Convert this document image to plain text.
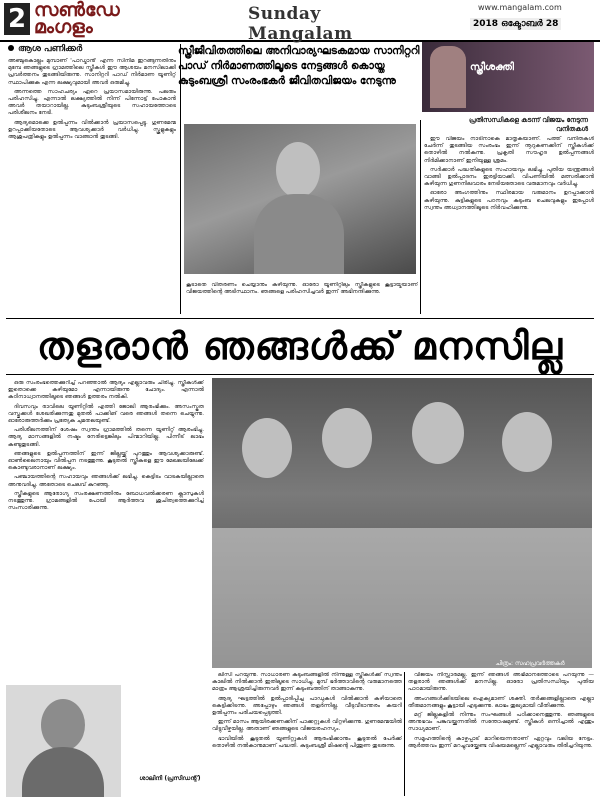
2 സൺഡേ
മംഗളം
Sunday Mangalam
www.mangalam.com
2018 ഒക്ടോബർ 28
ആശ പണിക്കർ

അഞ്ചുകൊല്ലം മുമ്പാണ് 'പാഡ്മാൻ' എന്ന സിനിമ ഇറങ്ങുന്നതിനും മുമ്പേ ഞങ്ങളുടെ ഗ്രാമത്തിലെ സ്ത്രീകൾ ഈ ആശയം മനസിലാക്കി പ്രവർത്തനം തുടങ്ങിയിരുന്നു. സാനിറ്ററി പാഡ് നിർമാണ യൂണിറ്റ് സ്ഥാപിക്കുക എന്ന ലക്ഷ്യവുമായി അവർ ഒരുമിച്ചു.

അന്നത്തെ സാഹചര്യം ഏറെ പ്രയാസമായിരുന്നു. പലരും പരിഹസിച്ചു. എന്നാൽ ലക്ഷ്യത്തിൽ നിന്ന് പിന്നോട്ട് പോകാൻ അവർ തയാറായില്ല. കുടുംബശ്രീയുടെ സഹായത്തോടെ പരിശീലനം നേടി.

ആദ്യമൊക്കെ ഉൽപ്പന്നം വിൽക്കാൻ പ്രയാസപ്പെട്ടു. ഗുണമേന്മ ഉറപ്പാക്കിയതോടെ ആവശ്യക്കാർ വർധിച്ചു. സ്കൂളുകളും ആശുപത്രികളും ഉൽപ്പന്നം വാങ്ങാൻ തുടങ്ങി.

സ്ത്രീജീവിതത്തിലെ അനിവാര്യഘടകമായ സാനിറ്ററി പാഡ് നിർമാണത്തിലൂടെ നേട്ടങ്ങൾ കൊയ്ത കുടുംബശ്രീ സംരംഭകർ ജീവിതവിജയം നേടുന്നു
സ്ത്രീശക്തി
പ്രതിസന്ധികളെ കടന്ന് വിജയം നേടുന്ന വനിതകൾ
കൂടാതെ വിതരണം ചെയ്യാനും കഴിയുന്നു. ഓരോ യൂണിറ്റിലും സ്ത്രീകളുടെ കൂട്ടായ്മയാണ് വിജയത്തിന്റെ അടിസ്ഥാനം. ഞങ്ങളെ പരിഹസിച്ചവർ ഇന്ന് അഭിനന്ദിക്കുന്നു.

ഈ വിജയം നാടിനാകെ മാതൃകയാണ്. പത്ത് വനിതകൾ ചേർന്ന് തുടങ്ങിയ സംരംഭം ഇന്ന് നൂറുകണക്കിന് സ്ത്രീകൾക്ക് തൊഴിൽ നൽകുന്നു. പ്രകൃതി സൗഹൃദ ഉൽപ്പന്നങ്ങൾ നിർമിക്കാനാണ് ഇനിയുള്ള ശ്രമം.

സർക്കാർ പദ്ധതികളുടെ സഹായവും ലഭിച്ചു. പുതിയ യന്ത്രങ്ങൾ വാങ്ങി ഉൽപ്പാദനം ഇരട്ടിയാക്കി. വിപണിയിൽ മത്സരിക്കാൻ കഴിയുന്ന ഗുണനിലവാരം നേടിയതോടെ വരുമാനവും വർധിച്ചു.

ഓരോ അംഗത്തിനും സ്ഥിരമായ വരുമാനം ഉറപ്പാക്കാൻ കഴിയുന്നു. കുട്ടികളുടെ പഠനവും കുടുംബ ചെലവുകളും ഇപ്പോൾ സ്വന്തം അധ്വാനത്തിലൂടെ നിർവഹിക്കുന്നു.

തളരാൻ ഞങ്ങൾക്ക് മനസില്ല

ഒരു സംരംഭത്തെക്കുറിച്ച് പറഞ്ഞാൽ ആദ്യം എല്ലാവരും ചിരിച്ചു. സ്ത്രീകൾക്ക് ഇതൊക്കെ കഴിയുമോ എന്നായിരുന്നു ചോദ്യം. എന്നാൽ കഠിനാധ്വാനത്തിലൂടെ ഞങ്ങൾ ഉത്തരം നൽകി.

ദിവസവും രാവിലെ യൂണിറ്റിൽ എത്തി ജോലി ആരംഭിക്കും. അസംസ്കൃത വസ്തുക്കൾ ശേഖരിക്കുന്നതു മുതൽ പാക്കിങ് വരെ ഞങ്ങൾ തന്നെ ചെയ്യുന്നു. ഓരോരുത്തർക്കും പ്രത്യേക ചുമതലയുണ്ട്.

പരിശീലനത്തിന് ശേഷം സ്വന്തം ഗ്രാമത്തിൽ തന്നെ യൂണിറ്റ് ആരംഭിച്ചു. ആദ്യ മാസങ്ങളിൽ നഷ്ടം നേരിട്ടെങ്കിലും പിന്മാറിയില്ല. പിന്നീട് ലാഭം കണ്ടുതുടങ്ങി.

ഞങ്ങളുടെ ഉൽപ്പന്നത്തിന് ഇന്ന് ജില്ലയ്ക്ക് പുറത്തും ആവശ്യക്കാരുണ്ട്. ഓൺലൈനായും വിൽപ്പന നടത്തുന്നു. കൂടുതൽ സ്ത്രീകളെ ഈ മേഖലയിലേക്ക് കൊണ്ടുവരാനാണ് ലക്ഷ്യം.

പഞ്ചായത്തിന്റെ സഹായവും ഞങ്ങൾക്ക് ലഭിച്ചു. കെട്ടിടം വാടകയില്ലാതെ അനുവദിച്ചു. അതോടെ ചെലവ് കുറഞ്ഞു.

സ്ത്രീകളുടെ ആരോഗ്യ സംരക്ഷണത്തിനും ബോധവൽക്കരണ ക്ലാസുകൾ നടത്തുന്നു. ഗ്രാമങ്ങളിൽ പോയി ആർത്തവ ശുചിത്വത്തെക്കുറിച്ച് സംസാരിക്കുന്നു.

ചിത്രം: സഹപ്രവർത്തകർ
ശാലിനി (പ്രസിഡന്റ്)

ലിസി പറയുന്നു. സാധാരണ കുടുംബങ്ങളിൽ നിന്നുള്ള സ്ത്രീകൾക്ക് സ്വന്തം കാലിൽ നിൽക്കാൻ ഇതിലൂടെ സാധിച്ചു. മുമ്പ് ഭർത്താവിന്റെ വരുമാനത്തെ മാത്രം ആശ്രയിച്ചിരുന്നവർ ഇന്ന് കുടുംബത്തിന് താങ്ങാകുന്നു.

ആദ്യ ഘട്ടത്തിൽ ഉൽപ്പാദിപ്പിച്ച പാഡുകൾ വിൽക്കാൻ കഴിയാതെ കെട്ടിക്കിടന്നു. അപ്പോഴും ഞങ്ങൾ തളർന്നില്ല. വീടുവീടാന്തരം കയറി ഉൽപ്പന്നം പരിചയപ്പെടുത്തി.

ഇന്ന് മാസം ആയിരക്കണക്കിന് പാക്കറ്റുകൾ വിറ്റഴിക്കുന്നു. ഗുണമേന്മയിൽ വിട്ടുവീഴ്ചയില്ല. അതാണ് ഞങ്ങളുടെ വിജയരഹസ്യം.

ഭാവിയിൽ കൂടുതൽ യൂണിറ്റുകൾ ആരംഭിക്കാനും കൂടുതൽ പേർക്ക് തൊഴിൽ നൽകാനുമാണ് പദ്ധതി. കുടുംബശ്രീ മിഷന്റെ പിന്തുണ തുടരുന്നു.

വിജയം നിസ്സാരമല്ല. ഇന്ന് ഞങ്ങൾ അഭിമാനത്തോടെ പറയുന്നു — തളരാൻ ഞങ്ങൾക്ക് മനസില്ല. ഓരോ പ്രതിസന്ധിയും പുതിയ പാഠമായിരുന്നു.

അംഗങ്ങൾക്കിടയിലെ ഐക്യമാണ് ശക്തി. തർക്കങ്ങളില്ലാതെ എല്ലാ തീരുമാനങ്ങളും കൂട്ടായി എടുക്കുന്നു. ലാഭം തുല്യമായി വീതിക്കുന്നു.

മറ്റ് ജില്ലകളിൽ നിന്നും സംഘങ്ങൾ പഠിക്കാനെത്തുന്നു. ഞങ്ങളുടെ അനുഭവം പങ്കുവയ്ക്കുന്നതിൽ സന്തോഷമുണ്ട്. സ്ത്രീകൾ ഒന്നിച്ചാൽ എന്തും സാധ്യമാണ്.

സമൂഹത്തിന്റെ കാഴ്ചപ്പാട് മാറിയെന്നതാണ് ഏറ്റവും വലിയ നേട്ടം. ആർത്തവം ഇന്ന് മറച്ചുവയ്ക്കേണ്ട വിഷയമല്ലെന്ന് എല്ലാവരും തിരിച്ചറിയുന്നു.
